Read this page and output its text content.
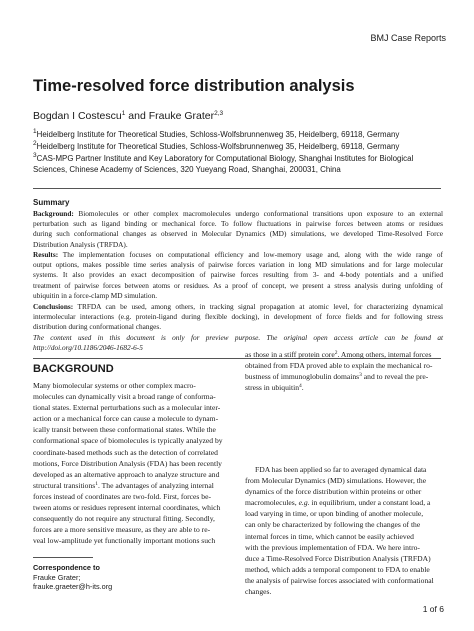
BMJ Case Reports
Time-resolved force distribution analysis
Bogdan I Costescu$^1$ and Frauke Grater$^{2,3}$
$^1$Heidelberg Institute for Theoretical Studies, Schloss-Wolfsbrunnenweg 35, Heidelberg, 69118, Germany
$^2$Heidelberg Institute for Theoretical Studies, Schloss-Wolfsbrunnenweg 35, Heidelberg, 69118, Germany
$^3$CAS-MPG Partner Institute and Key Laboratory for Computational Biology, Shanghai Institutes for Biological
Sciences, Chinese Academy of Sciences, 320 Yueyang Road, Shanghai, 200031, China
Summary
Background: Biomolecules or other complex macromolecules undergo conformational transitions upon exposure to an external
perturbation such as ligand binding or mechanical force. To follow fluctuations in pairwise forces between atoms or residues
during such conformational changes as observed in Molecular Dynamics (MD) simulations, we developed Time-Resolved Force
Distribution Analysis (TRFDA).
Results: The implementation focuses on computational efficiency and low-memory usage and, along with the wide range of
output options, makes possible time series analysis of pairwise forces variation in long MD simulations and for large molecular
systems. It also provides an exact decomposition of pairwise forces resulting from 3- and 4-body potentials and a unified
treatment of pairwise forces between atoms or residues. As a proof of concept, we present a stress analysis during unfolding of
ubiquitin in a force-clamp MD simulation.
Conclusions: TRFDA can be used, among others, in tracking signal propagation at atomic level, for characterizing dynamical
intermolecular interactions (e.g. protein-ligand during flexible docking), in development of force fields and for following stress
distribution during conformational changes.
The content used in this document is only for preview purpose. The original open access article can be found at
http://doi.org/10.1186/2046-1682-6-5
BACKGROUND
Many biomolecular systems or other complex macro-
molecules can dynamically visit a broad range of conforma-
tional states. External perturbations such as a molecular inter-
action or a mechanical force can cause a molecule to dynam-
ically transit between these conformational states. While the
conformational space of biomolecules is typically analyzed by
coordinate-based methods such as the detection of correlated
motions, Force Distribution Analysis (FDA) has been recently
developed as an alternative approach to analyze structure and
structural transitions$^1$. The advantages of analyzing internal
forces instead of coordinates are two-fold. First, forces be-
tween atoms or residues represent internal coordinates, which
consequently do not require any structural fitting. Secondly,
forces are a more sensitive measure, as they are able to re-
veal low-amplitude yet functionally important motions such
Correspondence to
Frauke Grater;
frauke.graeter@h-its.org
as those in a stiff protein core$^2$. Among others, internal forces
obtained from FDA proved able to explain the mechanical ro-
bustness of immunoglobulin domains$^3$ and to reveal the pre-
stress in ubiquitin$^4$.
FDA has been applied so far to averaged dynamical data
from Molecular Dynamics (MD) simulations. However, the
dynamics of the force distribution within proteins or other
macromolecules, e.g. in equilibrium, under a constant load, a
load varying in time, or upon binding of another molecule,
can only be characterized by following the changes of the
internal forces in time, which cannot be easily achieved
with the previous implementation of FDA. We here intro-
duce a Time-Resolved Force Distribution Analysis (TRFDA)
method, which adds a temporal component to FDA to enable
the analysis of pairwise forces associated with conformational
changes.
1 of 6
